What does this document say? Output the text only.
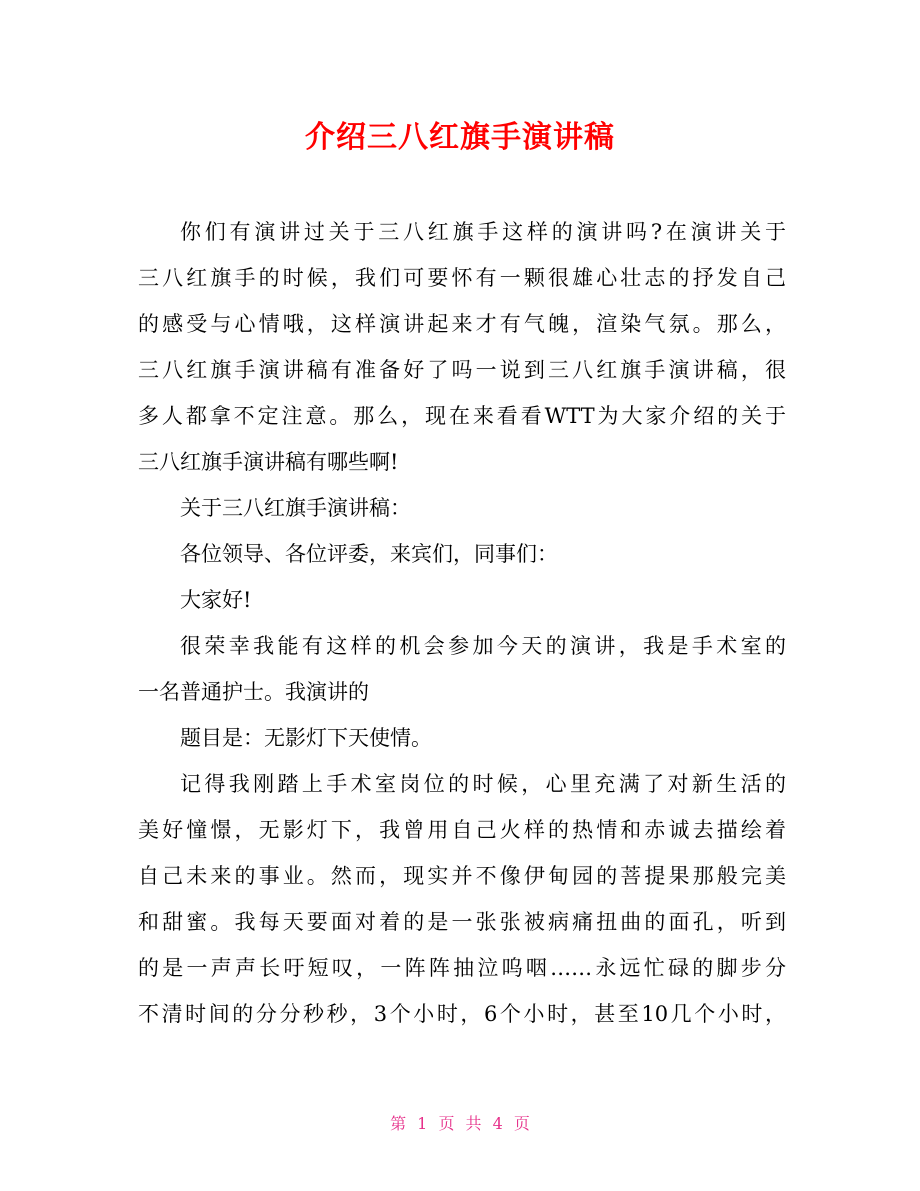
介绍三八红旗手演讲稿
你们有演讲过关于三八红旗手这样的演讲吗?在演讲关于
三八红旗手的时候，我们可要怀有一颗很雄心壮志的抒发自己
的感受与心情哦，这样演讲起来才有气魄，渲染气氛。那么，
三八红旗手演讲稿有准备好了吗一说到三八红旗手演讲稿，很
多人都拿不定注意。那么，现在来看看WTT为大家介绍的关于
三八红旗手演讲稿有哪些啊!
关于三八红旗手演讲稿：
各位领导、各位评委，来宾们，同事们：
大家好!
很荣幸我能有这样的机会参加今天的演讲，我是手术室的
一名普通护士。我演讲的
题目是：无影灯下天使情。
记得我刚踏上手术室岗位的时候，心里充满了对新生活的
美好憧憬，无影灯下，我曾用自己火样的热情和赤诚去描绘着
自己未来的事业。然而，现实并不像伊甸园的菩提果那般完美
和甜蜜。我每天要面对着的是一张张被病痛扭曲的面孔，听到
的是一声声长吁短叹，一阵阵抽泣呜咽……永远忙碌的脚步分
不清时间的分分秒秒，3个小时，6个小时，甚至10几个小时，
第 1 页 共 4 页
